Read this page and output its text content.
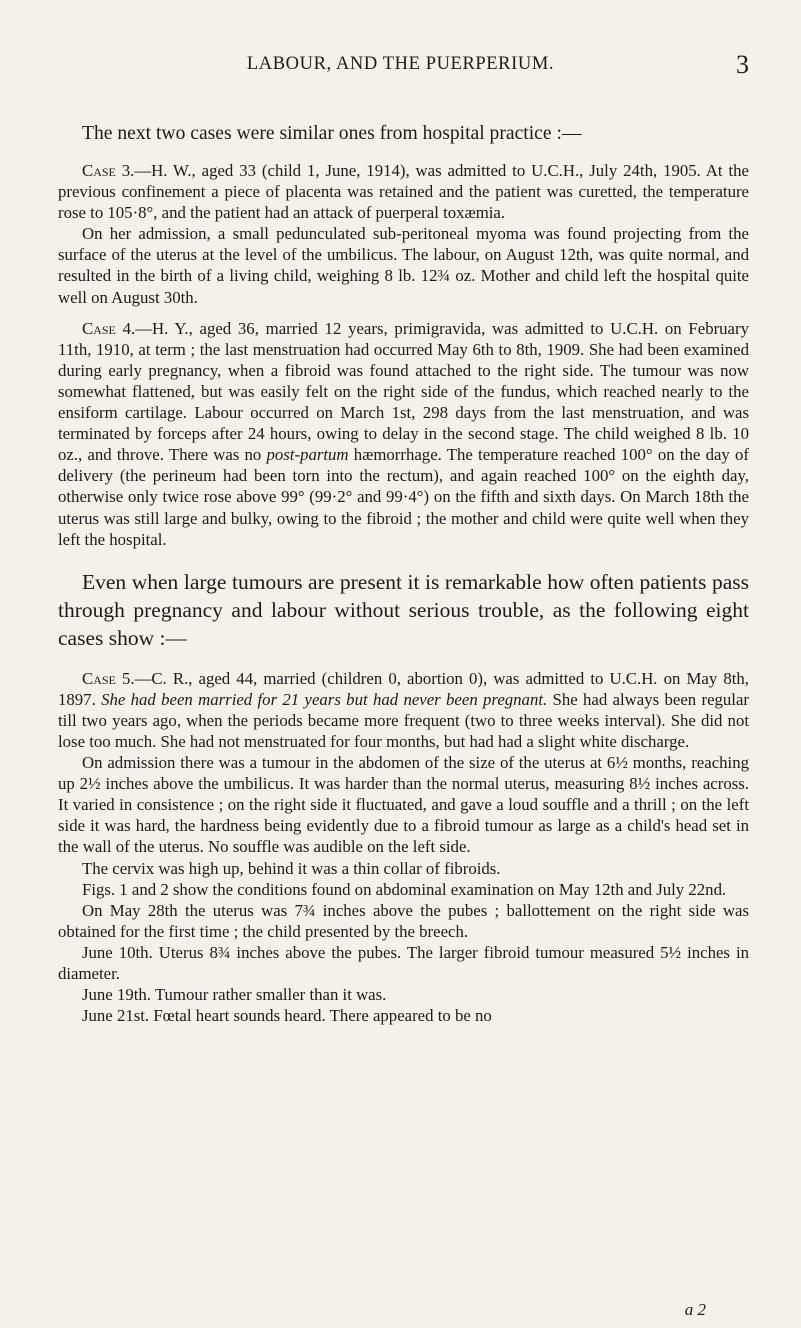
LABOUR, AND THE PUERPERIUM.	3

The next two cases were similar ones from hospital practice :—

Case 3.—H. W., aged 33 (child 1, June, 1914), was admitted to U.C.H., July 24th, 1905. At the previous confinement a piece of placenta was retained and the patient was curetted, the temperature rose to 105·8°, and the patient had an attack of puerperal toxæmia.

On her admission, a small pedunculated sub-peritoneal myoma was found projecting from the surface of the uterus at the level of the umbilicus. The labour, on August 12th, was quite normal, and resulted in the birth of a living child, weighing 8 lb. 12¾ oz. Mother and child left the hospital quite well on August 30th.

Case 4.—H. Y., aged 36, married 12 years, primigravida, was admitted to U.C.H. on February 11th, 1910, at term ; the last menstruation had occurred May 6th to 8th, 1909. She had been examined during early pregnancy, when a fibroid was found attached to the right side. The tumour was now somewhat flattened, but was easily felt on the right side of the fundus, which reached nearly to the ensiform cartilage. Labour occurred on March 1st, 298 days from the last menstruation, and was terminated by forceps after 24 hours, owing to delay in the second stage. The child weighed 8 lb. 10 oz., and throve. There was no post-partum hæmorrhage. The temperature reached 100° on the day of delivery (the perineum had been torn into the rectum), and again reached 100° on the eighth day, otherwise only twice rose above 99° (99·2° and 99·4°) on the fifth and sixth days. On March 18th the uterus was still large and bulky, owing to the fibroid ; the mother and child were quite well when they left the hospital.

Even when large tumours are present it is remarkable how often patients pass through pregnancy and labour without serious trouble, as the following eight cases show :—

Case 5.—C. R., aged 44, married (children 0, abortion 0), was admitted to U.C.H. on May 8th, 1897. She had been married for 21 years but had never been pregnant. She had always been regular till two years ago, when the periods became more frequent (two to three weeks interval). She did not lose too much. She had not menstruated for four months, but had had a slight white discharge.

On admission there was a tumour in the abdomen of the size of the uterus at 6½ months, reaching up 2½ inches above the umbilicus. It was harder than the normal uterus, measuring 8½ inches across. It varied in consistence ; on the right side it fluctuated, and gave a loud souffle and a thrill ; on the left side it was hard, the hardness being evidently due to a fibroid tumour as large as a child's head set in the wall of the uterus. No souffle was audible on the left side.

The cervix was high up, behind it was a thin collar of fibroids.

Figs. 1 and 2 show the conditions found on abdominal examination on May 12th and July 22nd.

On May 28th the uterus was 7¾ inches above the pubes ; ballottement on the right side was obtained for the first time ; the child presented by the breech.

June 10th. Uterus 8¾ inches above the pubes. The larger fibroid tumour measured 5½ inches in diameter.

June 19th. Tumour rather smaller than it was.

June 21st. Fœtal heart sounds heard. There appeared to be no

a 2
